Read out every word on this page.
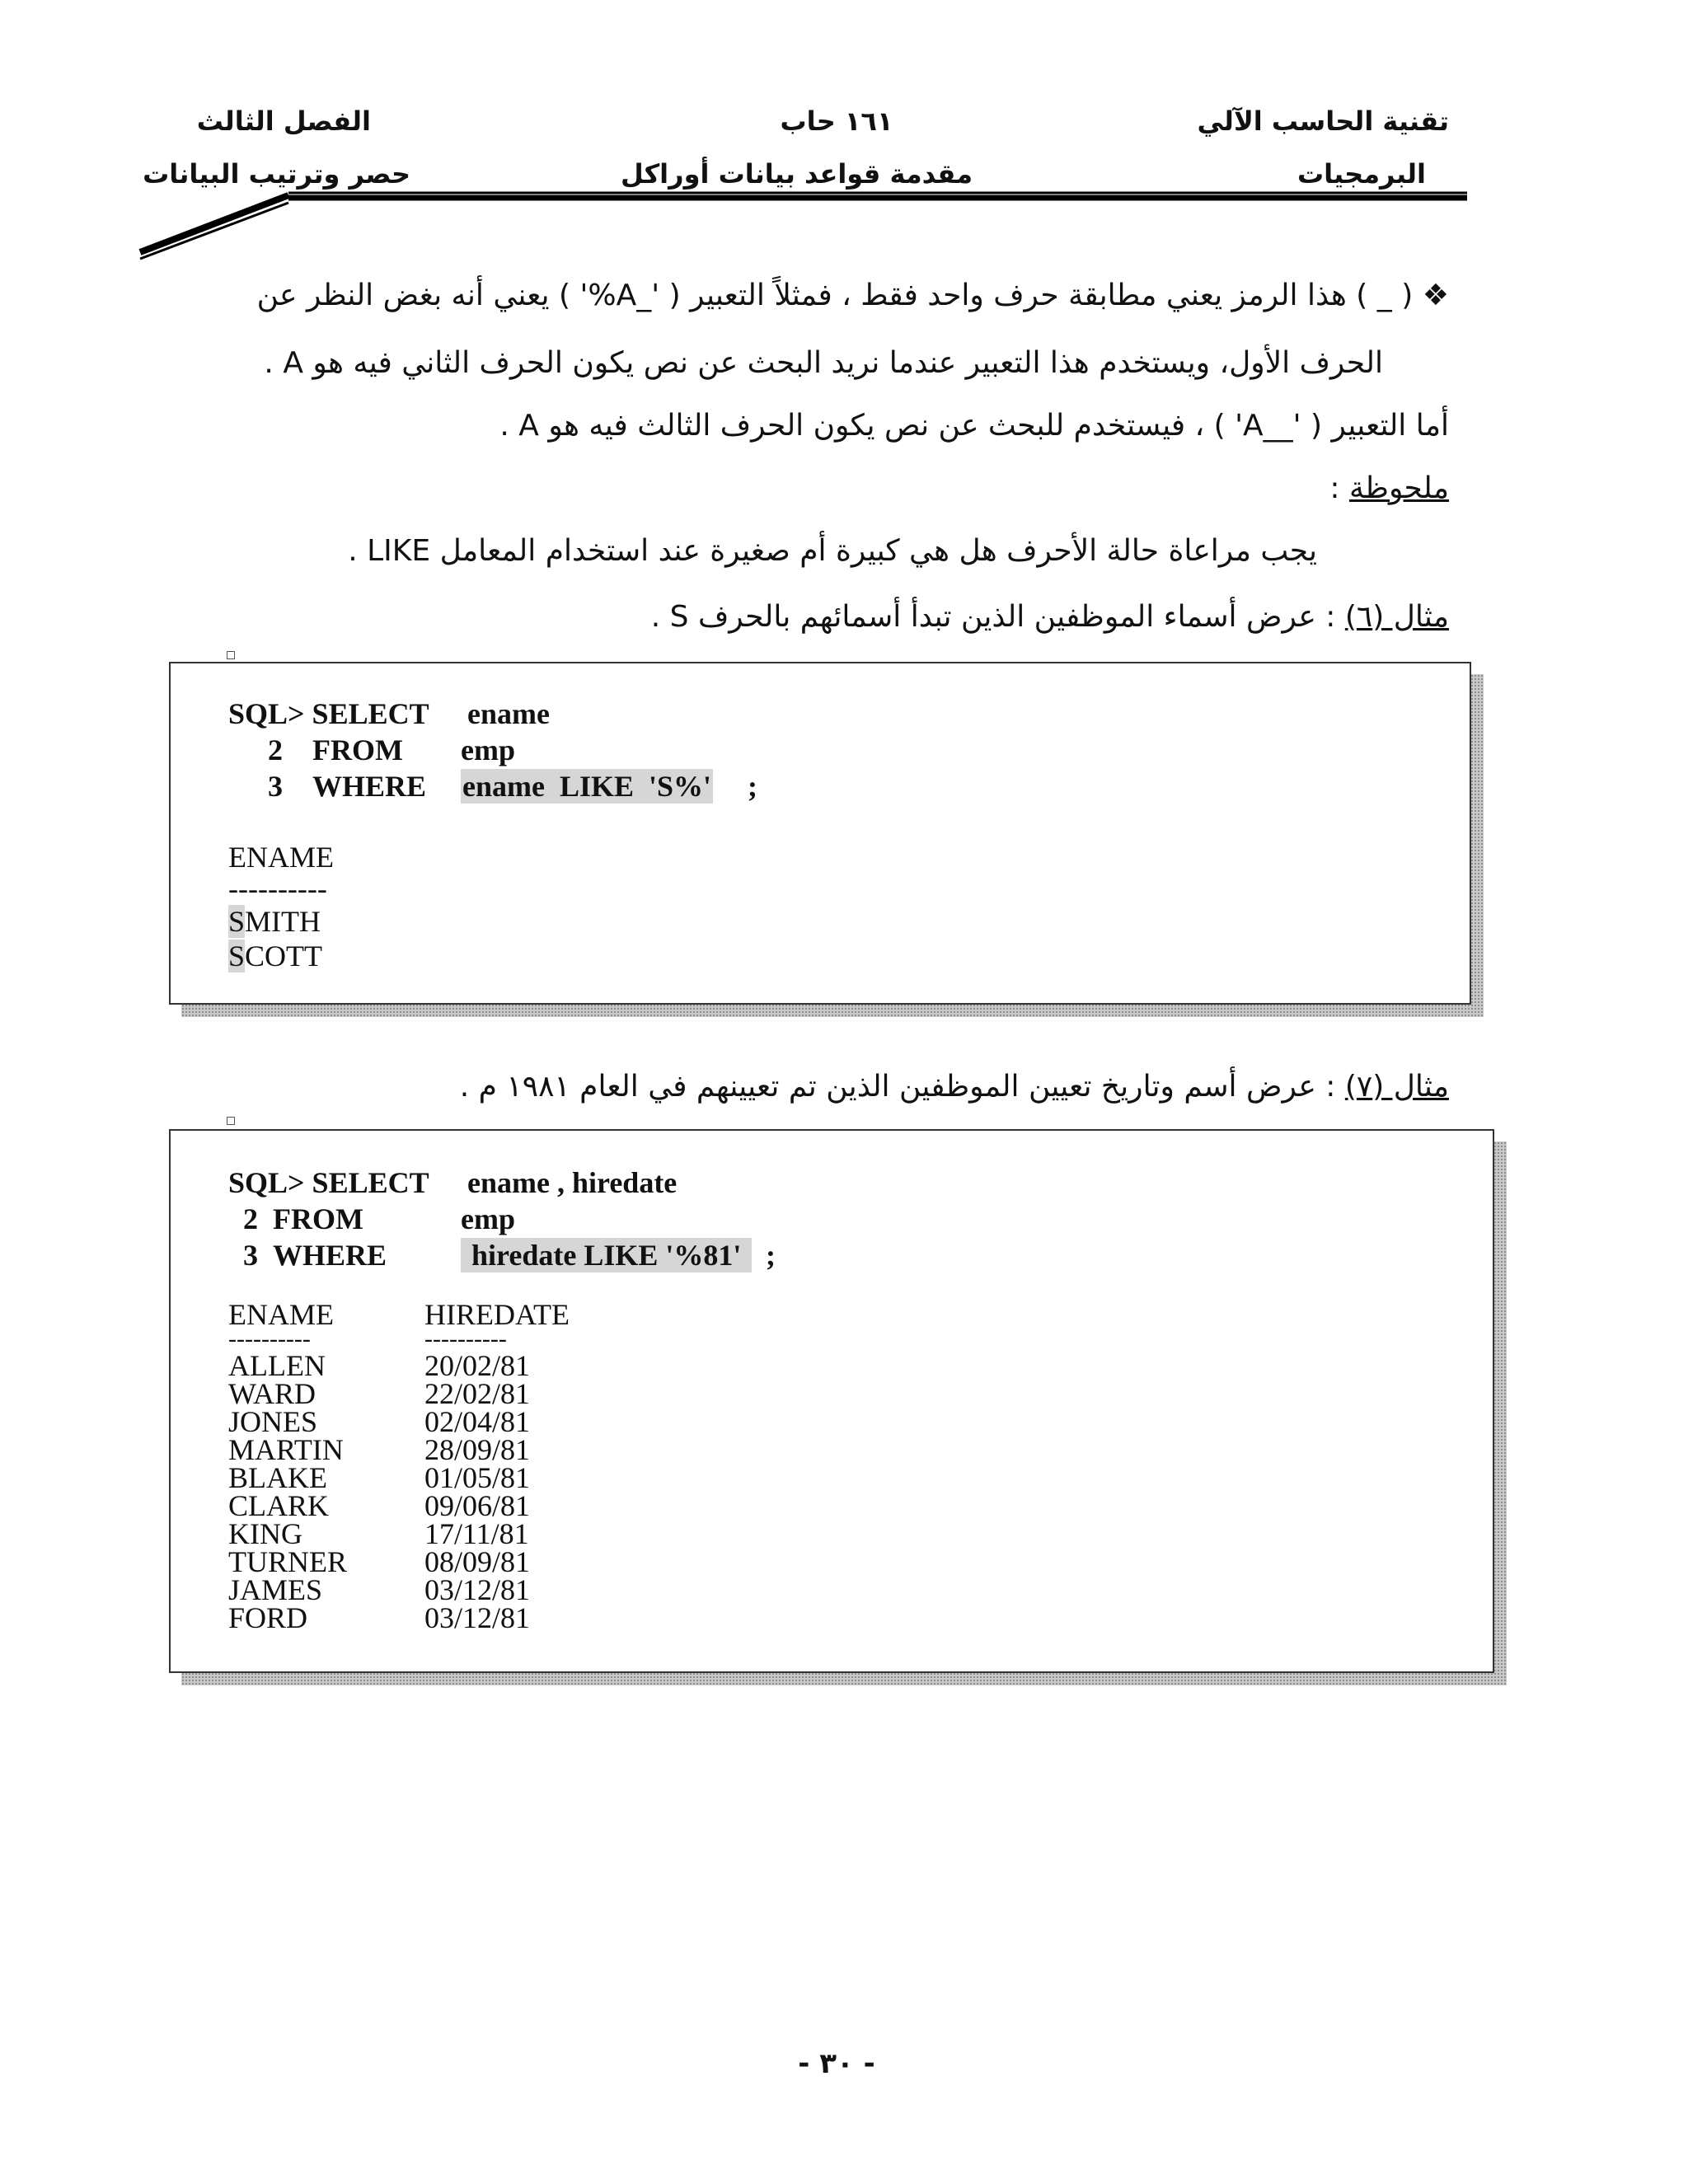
تقنية الحاسب الآلي
البرمجيات
١٦١ حاب
مقدمة قواعد بيانات أوراكل
الفصل الثالث
حصر وترتيب البيانات
❖ ( _ ) هذا الرمز يعني مطابقة حرف واحد فقط ، فمثلاً التعبير ( '_A%' ) يعني أنه بغض النظر عن
الحرف الأول، ويستخدم هذا التعبير عندما نريد البحث عن نص يكون الحرف الثاني فيه هو A .
أما التعبير ( '__A' ) ، فيستخدم للبحث عن نص يكون الحرف الثالث فيه هو A .
ملحوظة :
يجب مراعاة حالة الأحرف هل هي كبيرة أم صغيرة عند استخدام المعامل LIKE .
مثال (٦) : عرض أسماء الموظفين الذين تبدأ أسمائهم بالحرف S .
SQL> SELECT ename
2 FROM emp
3 WHERE ename  LIKE  'S%' ;
ENAME
----------
SMITH
SCOTT
مثال (٧) : عرض أسم وتاريخ تعيين الموظفين الذين تم تعيينهم في العام ١٩٨١ م .
SQL> SELECT ename , hiredate
2 FROM	emp
3 WHERE	hiredate LIKE '%81' ;
ENAME	HIREDATE
----------	----------
ALLEN	20/02/81
WARD	22/02/81
JONES	02/04/81
MARTIN	28/09/81
BLAKE	01/05/81
CLARK	09/06/81
KING	17/11/81
TURNER	08/09/81
JAMES	03/12/81
FORD	03/12/81
- ٣٠ -
